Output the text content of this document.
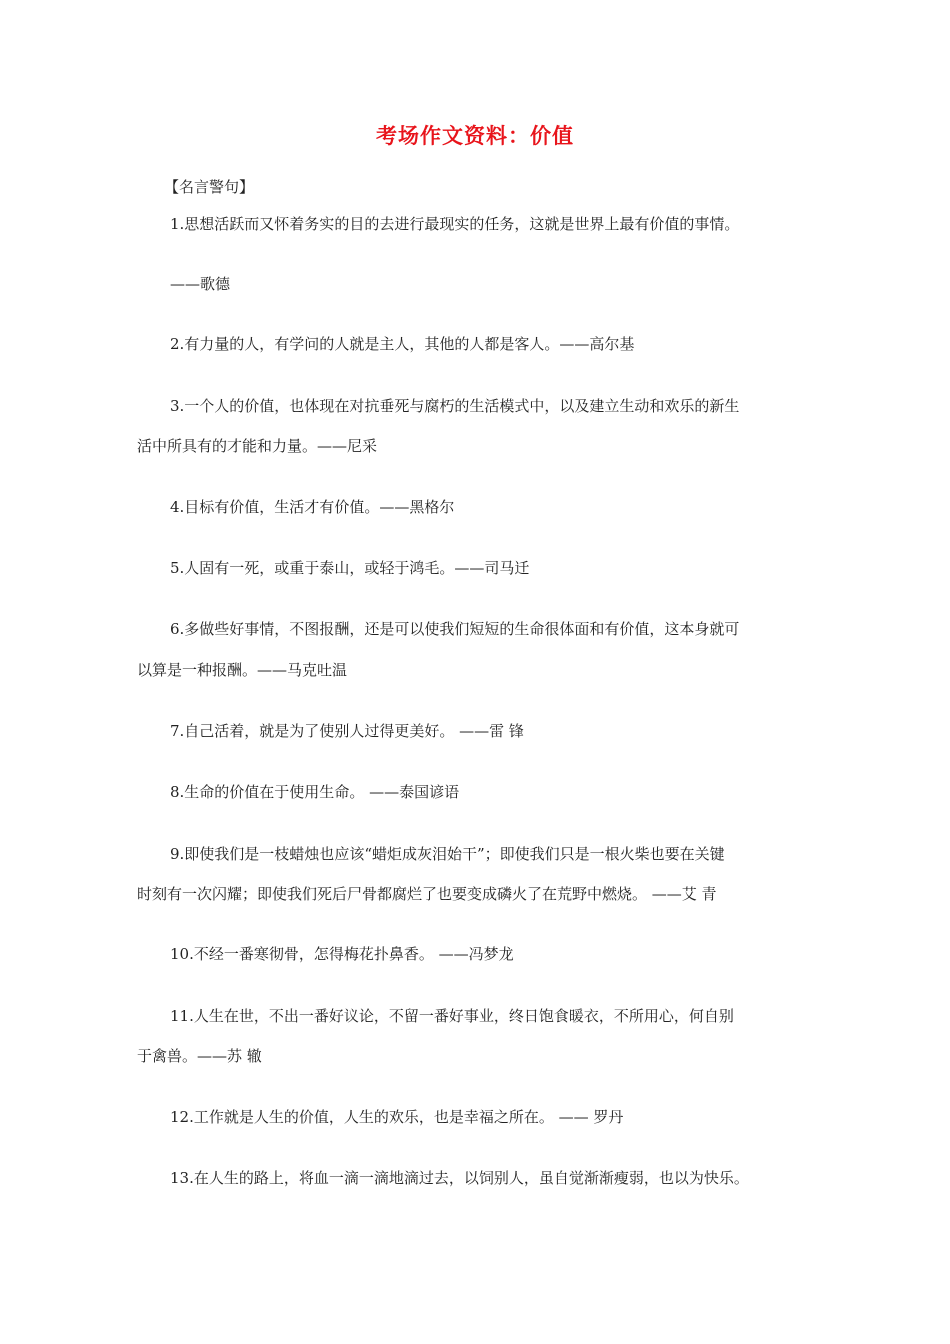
考场作文资料：价值
【名言警句】
1.思想活跃而又怀着务实的目的去进行最现实的任务，这就是世界上最有价值的事情。
——歌德
2.有力量的人，有学问的人就是主人，其他的人都是客人。——高尔基
3.一个人的价值，也体现在对抗垂死与腐朽的生活模式中，以及建立生动和欢乐的新生
活中所具有的才能和力量。——尼采
4.目标有价值，生活才有价值。——黑格尔
5.人固有一死，或重于泰山，或轻于鸿毛。——司马迁
6.多做些好事情，不图报酬，还是可以使我们短短的生命很体面和有价值，这本身就可
以算是一种报酬。——马克吐温
7.自己活着，就是为了使别人过得更美好。 ——雷 锋
8.生命的价值在于使用生命。 ——泰国谚语
9.即使我们是一枝蜡烛也应该“蜡炬成灰泪始干”；即使我们只是一根火柴也要在关键
时刻有一次闪耀；即使我们死后尸骨都腐烂了也要变成磷火了在荒野中燃烧。 ——艾 青
10.不经一番寒彻骨，怎得梅花扑鼻香。 ——冯梦龙
11.人生在世，不出一番好议论，不留一番好事业，终日饱食暖衣，不所用心，何自别
于禽兽。——苏 辙
12.工作就是人生的价值，人生的欢乐，也是幸福之所在。 —— 罗丹
13.在人生的路上，将血一滴一滴地滴过去，以饲别人，虽自觉渐渐瘦弱，也以为快乐。
